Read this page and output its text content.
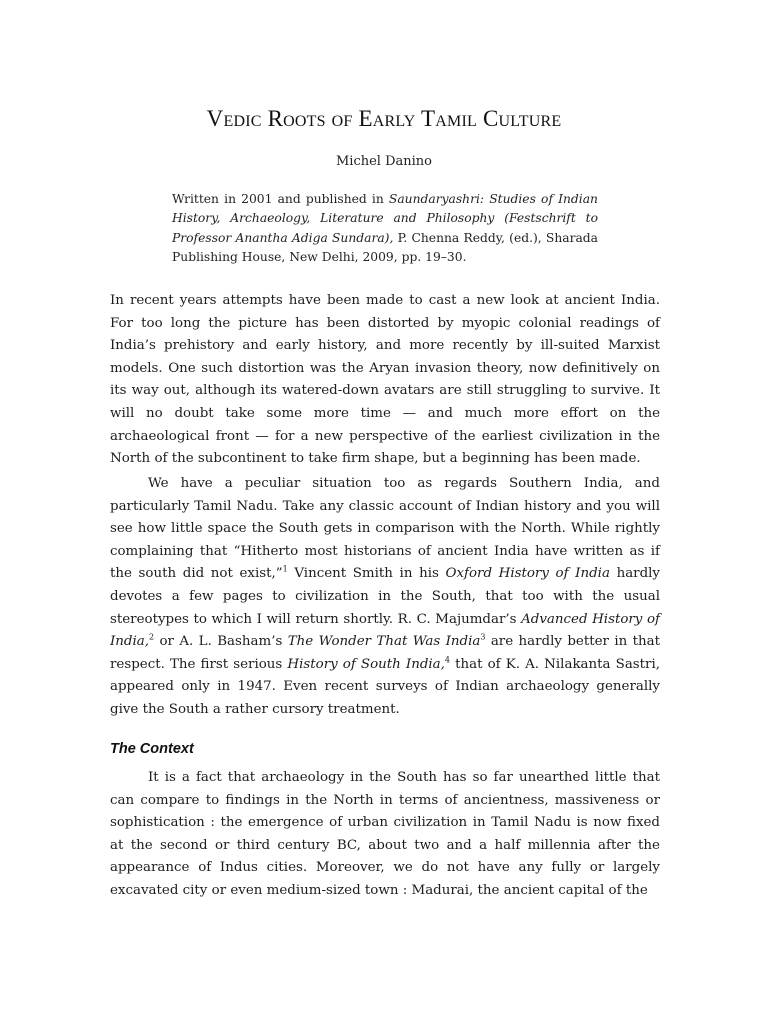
Vedic Roots of Early Tamil Culture
Michel Danino
Written in 2001 and published in Saundaryashri: Studies of Indian History, Archaeology, Literature and Philosophy (Festschrift to Professor Anantha Adiga Sundara), P. Chenna Reddy, (ed.), Sharada Publishing House, New Delhi, 2009, pp. 19–30.

In recent years attempts have been made to cast a new look at ancient India. For too long the picture has been distorted by myopic colonial readings of India’s prehistory and early history, and more recently by ill-suited Marxist models. One such distortion was the Aryan invasion theory, now definitively on its way out, although its watered-down avatars are still struggling to survive. It will no doubt take some more time — and much more effort on the archaeological front — for a new perspective of the earliest civilization in the North of the subcontinent to take firm shape, but a beginning has been made.

We have a peculiar situation too as regards Southern India, and particularly Tamil Nadu. Take any classic account of Indian history and you will see how little space the South gets in comparison with the North. While rightly complaining that “Hitherto most historians of ancient India have written as if the south did not exist,”$^1$ Vincent Smith in his Oxford History of India hardly devotes a few pages to civilization in the South, that too with the usual stereotypes to which I will return shortly. R. C. Majumdar’s Advanced History of India,$^2$ or A. L. Basham’s The Wonder That Was India$^3$ are hardly better in that respect. The first serious History of South India,$^4$ that of K. A. Nilakanta Sastri, appeared only in 1947. Even recent surveys of Indian archaeology generally give the South a rather cursory treatment.

The Context

It is a fact that archaeology in the South has so far unearthed little that can compare to findings in the North in terms of ancientness, massiveness or sophistication : the emergence of urban civilization in Tamil Nadu is now fixed at the second or third century BC, about two and a half millennia after the appearance of Indus cities. Moreover, we do not have any fully or largely excavated city or even medium-sized town : Madurai, the ancient capital of the
